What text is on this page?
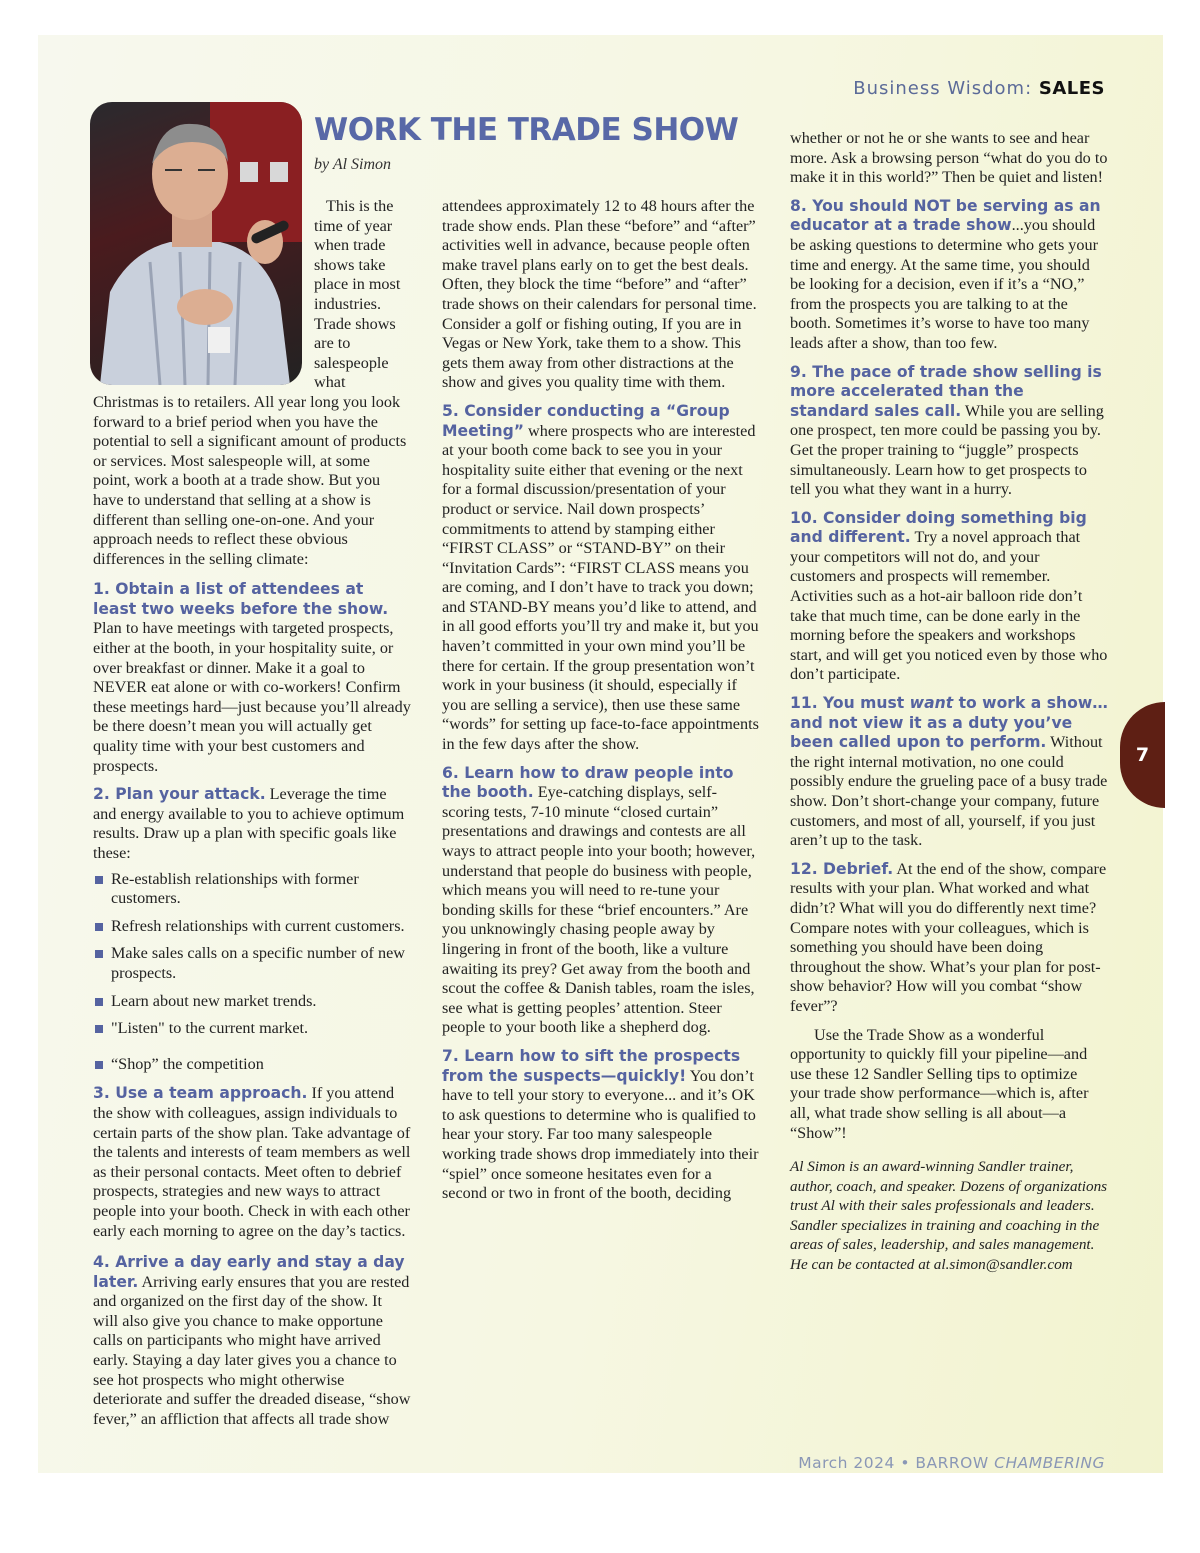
Business Wisdom: SALES
WORK THE TRADE SHOW
by Al Simon

This is the time of year when trade shows take place in most industries. Trade shows are to salespeople what
Christmas is to retailers. All year long you look forward to a brief period when you have the potential to sell a significant amount of products or services. Most salespeople will, at some point, work a booth at a trade show. But you have to understand that selling at a show is different than selling one-on-one. And your approach needs to reflect these obvious differences in the selling climate:

1. Obtain a list of attendees at least two weeks before the show. Plan to have meetings with targeted prospects, either at the booth, in your hospitality suite, or over breakfast or dinner. Make it a goal to NEVER eat alone or with co-workers! Confirm these meetings hard—just because you’ll already be there doesn’t mean you will actually get quality time with your best customers and prospects.

2. Plan your attack. Leverage the time and energy available to you to achieve optimum results. Draw up a plan with specific goals like these:

Re-establish relationships with former customers.
Refresh relationships with current customers.
Make sales calls on a specific number of new prospects.
Learn about new market trends.
"Listen" to the current market.
“Shop” the competition

3. Use a team approach. If you attend the show with colleagues, assign individuals to certain parts of the show plan. Take advantage of the talents and interests of team members as well as their personal contacts. Meet often to debrief prospects, strategies and new ways to attract people into your booth. Check in with each other early each morning to agree on the day’s tactics.

4. Arrive a day early and stay a day later. Arriving early ensures that you are rested and organized on the first day of the show. It will also give you chance to make opportune calls on participants who might have arrived early. Staying a day later gives you a chance to see hot prospects who might otherwise deteriorate and suffer the dreaded disease, “show fever,” an affliction that affects all trade show

attendees approximately 12 to 48 hours after the trade show ends. Plan these “before” and “after” activities well in advance, because people often make travel plans early on to get the best deals. Often, they block the time “before” and “after” trade shows on their calendars for personal time. Consider a golf or fishing outing, If you are in Vegas or New York, take them to a show. This gets them away from other distractions at the show and gives you quality time with them.

5. Consider conducting a “Group Meeting” where prospects who are interested at your booth come back to see you in your hospitality suite either that evening or the next for a formal discussion/presentation of your product or service. Nail down prospects’ commitments to attend by stamping either “FIRST CLASS” or “STAND-BY” on their “Invitation Cards”: “FIRST CLASS means you are coming, and I don’t have to track you down; and STAND-BY means you’d like to attend, and in all good efforts you’ll try and make it, but you haven’t committed in your own mind you’ll be there for certain. If the group presentation won’t work in your business (it should, especially if you are selling a service), then use these same “words” for setting up face-to-face appointments in the few days after the show.

6. Learn how to draw people into the booth. Eye-catching displays, self-scoring tests, 7-10 minute “closed curtain” presentations and drawings and contests are all ways to attract people into your booth; however, understand that people do business with people, which means you will need to re-tune your bonding skills for these “brief encounters.” Are you unknowingly chasing people away by lingering in front of the booth, like a vulture awaiting its prey? Get away from the booth and scout the coffee & Danish tables, roam the isles, see what is getting peoples’ attention. Steer people to your booth like a shepherd dog.

7. Learn how to sift the prospects from the suspects—quickly! You don’t have to tell your story to everyone... and it’s OK to ask questions to determine who is qualified to hear your story. Far too many salespeople working trade shows drop immediately into their “spiel” once someone hesitates even for a second or two in front of the booth, deciding

whether or not he or she wants to see and hear more. Ask a browsing person “what do you do to make it in this world?” Then be quiet and listen!

8. You should NOT be serving as an educator at a trade show...you should be asking questions to determine who gets your time and energy. At the same time, you should be looking for a decision, even if it’s a “NO,” from the prospects you are talking to at the booth. Sometimes it’s worse to have too many leads after a show, than too few.

9. The pace of trade show selling is more accelerated than the standard sales call. While you are selling one prospect, ten more could be passing you by. Get the proper training to “juggle” prospects simultaneously. Learn how to get prospects to tell you what they want in a hurry.

10. Consider doing something big and different. Try a novel approach that your competitors will not do, and your customers and prospects will remember. Activities such as a hot-air balloon ride don’t take that much time, can be done early in the morning before the speakers and workshops start, and will get you noticed even by those who don’t participate.

11. You must want to work a show… and not view it as a duty you’ve been called upon to perform. Without the right internal motivation, no one could possibly endure the grueling pace of a busy trade show. Don’t short-change your company, future customers, and most of all, yourself, if you just aren’t up to the task.

12. Debrief. At the end of the show, compare results with your plan. What worked and what didn’t? What will you do differently next time? Compare notes with your colleagues, which is something you should have been doing throughout the show. What’s your plan for post-show behavior? How will you combat “show fever”?

Use the Trade Show as a wonderful opportunity to quickly fill your pipeline—and use these 12 Sandler Selling tips to optimize your trade show performance—which is, after all, what trade show selling is all about—a “Show”!

Al Simon is an award-winning Sandler trainer, author, coach, and speaker. Dozens of organizations trust Al with their sales professionals and leaders. Sandler specializes in training and coaching in the areas of sales, leadership, and sales management. He can be contacted at al.simon@sandler.com

7
March 2024 • BARROW CHAMBERING
